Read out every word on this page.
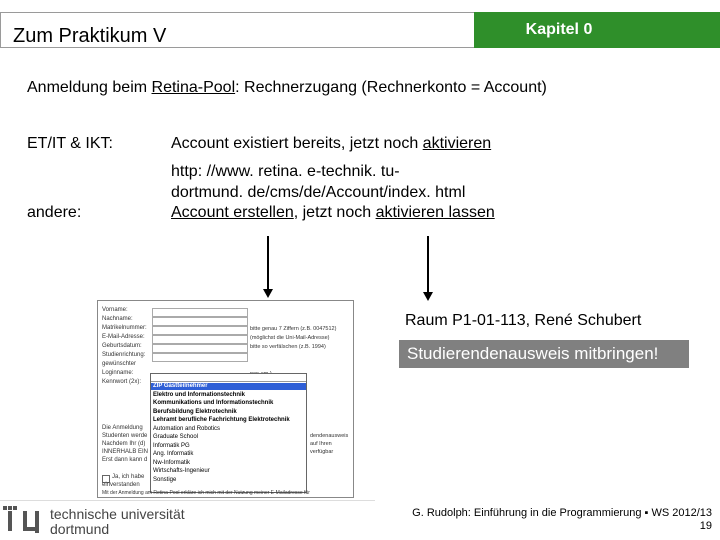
Zum Praktikum V	Kapitel 0
Anmeldung beim Retina-Pool: Rechnerzugang (Rechnerkonto = Account)
ET/IT & IKT:	Account existiert bereits, jetzt noch aktivieren
http: //www. retina. e-technik. tu-
dortmund. de/cms/de/Account/index. html
andere:	Account erstellen, jetzt noch aktivieren lassen
Vorname:
Nachname:
Matrikelnummer:	bitte genau 7 Ziffern (z.B. 0047512)
E-Mail-Adresse:	(möglichst die Uni-Mail-Adresse)
Geburtsdatum:	bitte so verfälschen (z.B. 1994)
Studienrichtung:
gewünschter
Loginname:
Kennwort (2x):
Die Anmeldung
Studenten werde
Nachdem Ihr (d)
INNERHALB EIN
Erst dann kann d
dendenausweis
auf Ihren
verfügbar
ZIP Gastteilnehmer
Elektro und Informationstechnik
Kommunikations und Informationstechnik
Berufsbildung Elektrotechnik
Lehramt berufliche Fachrichtung Elektrotechnik
Automation and Robotics
Graduate School
Informatik PG
Ang. Informatik
Nw-Informatik
Wirtschafts-Ingenieur
Sonstige
Ja, ich habe
einverstanden
Mit der Anmeldung am Retina-Pool erkläre ich mich mit der Nutzung meiner E-Mailadresse für
Raum P1-01-113, René Schubert
Studierendenausweis mitbringen!
technische universität
dortmund
G. Rudolph: Einführung in die Programmierung ▪ WS 2012/13
19
